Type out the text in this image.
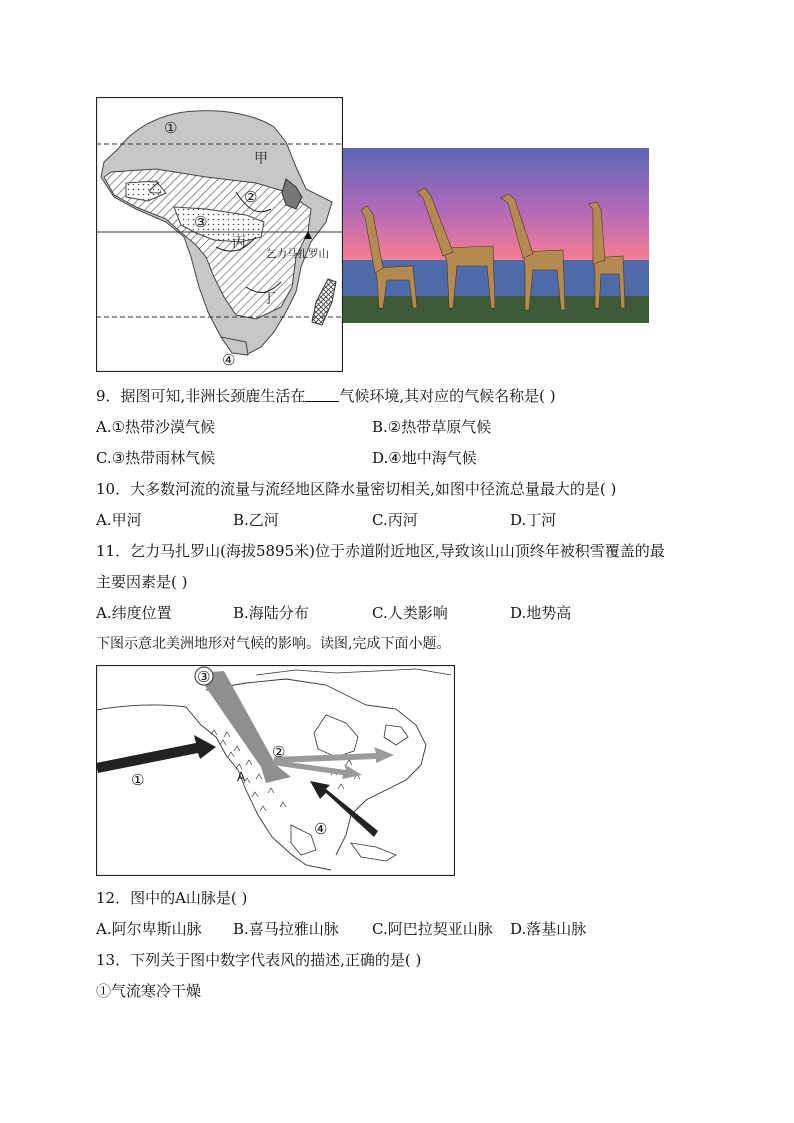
①
甲
乙	②
③
丙
乞力马扎罗山
丁
④
9．据图可知,非洲长颈鹿生活在 气候环境,其对应的气候名称是( )
A.①热带沙漠气候	B.②热带草原气候
C.③热带雨林气候	D.④地中海气候
10．大多数河流的流量与流经地区降水量密切相关,如图中径流总量最大的是( )
A.甲河	B.乙河	C.丙河	D.丁河
11．乞力马扎罗山(海拔5895米)位于赤道附近地区,导致该山山顶终年被积雪覆盖的最
主要因素是( )
A.纬度位置	B.海陆分布	C.人类影响	D.地势高
下图示意北美洲地形对气候的影响。读图,完成下面小题。
③
①
②
④
A
12．图中的A山脉是( )
A.阿尔卑斯山脉 B.喜马拉雅山脉 C.阿巴拉契亚山脉 D.落基山脉
13．下列关于图中数字代表风的描述,正确的是( )
①气流寒冷干燥
